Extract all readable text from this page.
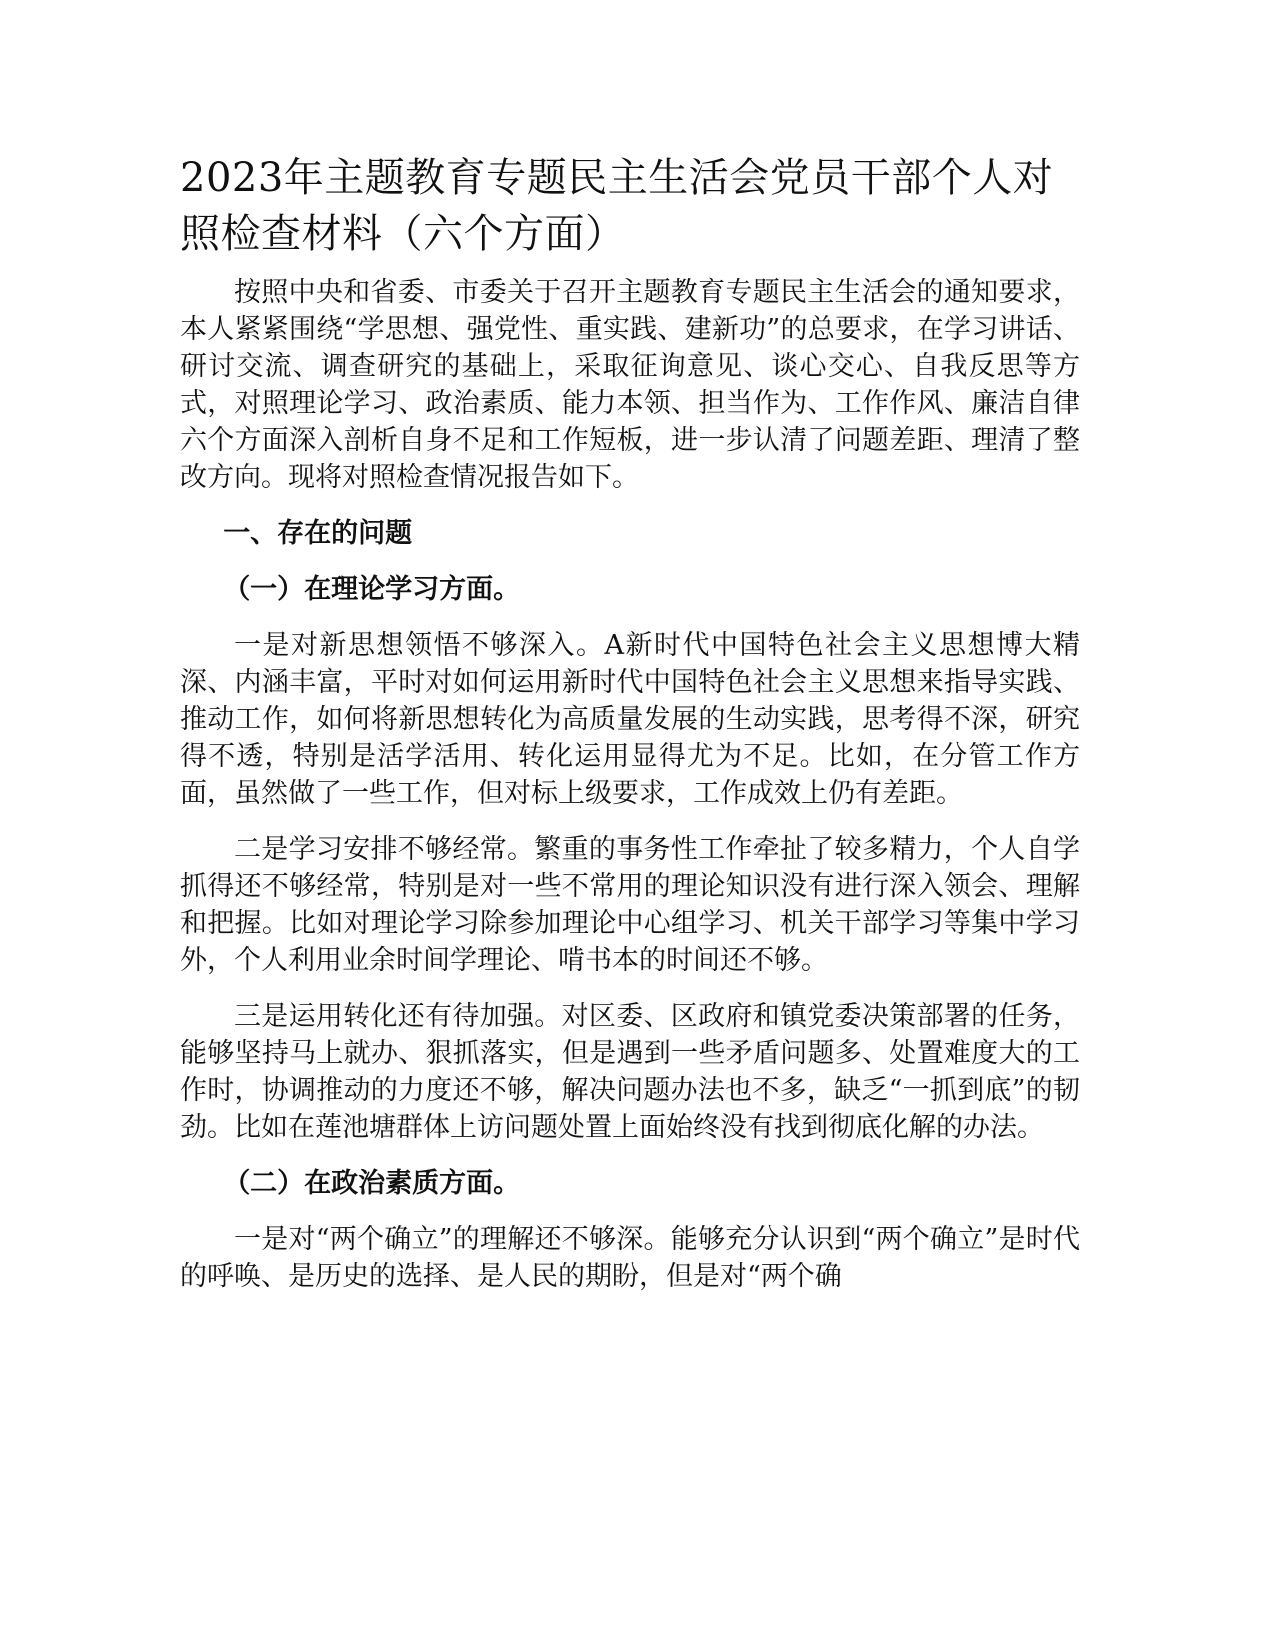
2023年主题教育专题民主生活会党员干部个人对照检查材料（六个方面）

按照中央和省委、市委关于召开主题教育专题民主生活会的通知要求，本人紧紧围绕“学思想、强党性、重实践、建新功”的总要求，在学习讲话、研讨交流、调查研究的基础上，采取征询意见、谈心交心、自我反思等方式，对照理论学习、政治素质、能力本领、担当作为、工作作风、廉洁自律六个方面深入剖析自身不足和工作短板，进一步认清了问题差距、理清了整改方向。现将对照检查情况报告如下。

一、存在的问题

（一）在理论学习方面。

一是对新思想领悟不够深入。A新时代中国特色社会主义思想博大精深、内涵丰富，平时对如何运用新时代中国特色社会主义思想来指导实践、推动工作，如何将新思想转化为高质量发展的生动实践，思考得不深，研究得不透，特别是活学活用、转化运用显得尤为不足。比如，在分管工作方面，虽然做了一些工作，但对标上级要求，工作成效上仍有差距。

二是学习安排不够经常。繁重的事务性工作牵扯了较多精力，个人自学抓得还不够经常，特别是对一些不常用的理论知识没有进行深入领会、理解和把握。比如对理论学习除参加理论中心组学习、机关干部学习等集中学习外，个人利用业余时间学理论、啃书本的时间还不够。

三是运用转化还有待加强。对区委、区政府和镇党委决策部署的任务，能够坚持马上就办、狠抓落实，但是遇到一些矛盾问题多、处置难度大的工作时，协调推动的力度还不够，解决问题办法也不多，缺乏“一抓到底”的韧劲。比如在莲池塘群体上访问题处置上面始终没有找到彻底化解的办法。

（二）在政治素质方面。

一是对“两个确立”的理解还不够深。能够充分认识到“两个确立”是时代的呼唤、是历史的选择、是人民的期盼，但是对“两个确
